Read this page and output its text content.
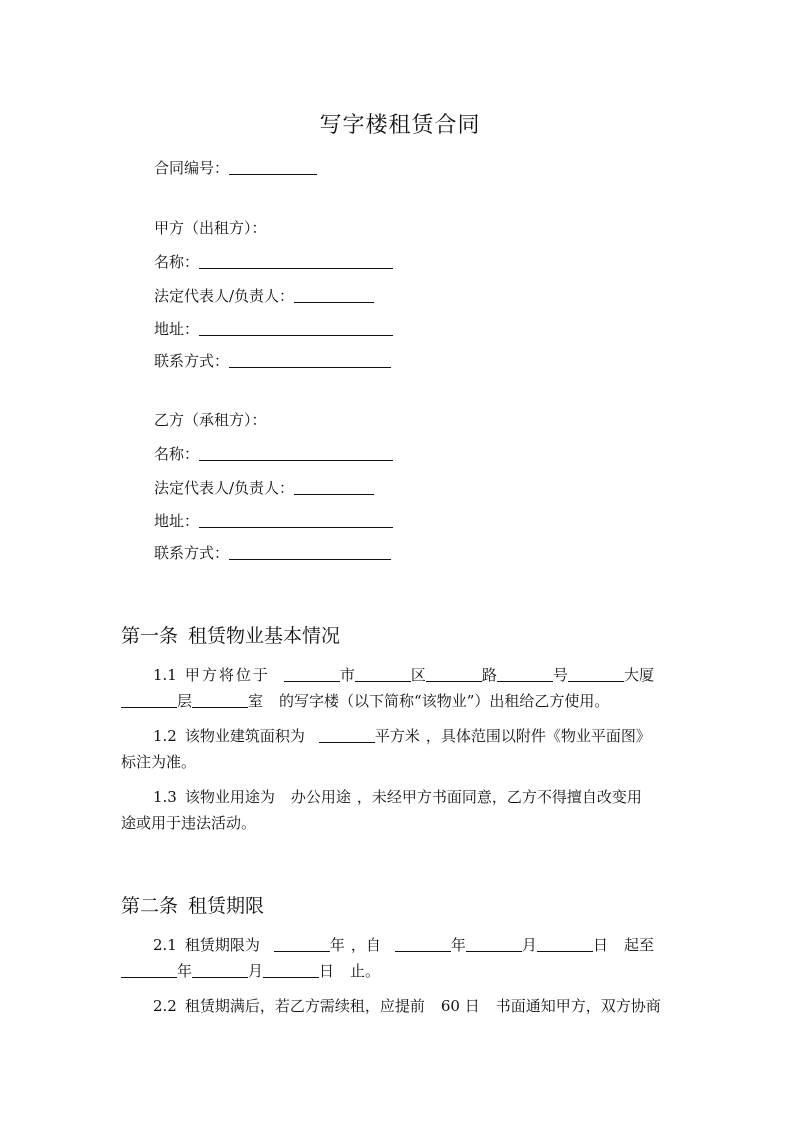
写字楼租赁合同
合同编号：
甲方（出租方）：
名称：
法定代表人/负责人：
地址：
联系方式：
乙方（承租方）：
名称：
法定代表人/负责人：
地址：
联系方式：
第一条 租赁物业基本情况
1.1 甲方将位于	市	区	路	号	大厦
层	室 的写字楼（以下简称“该物业”）出租给乙方使用。
1.2 该物业建筑面积为	平方米 ，具体范围以附件《物业平面图》
标注为准。
1.3 该物业用途为 办公用途 ，未经甲方书面同意，乙方不得擅自改变用
途或用于违法活动。
第二条 租赁期限
2.1 租赁期限为	年 ，自	年	月	日 起至
年	月	日 止。
2.2 租赁期满后，若乙方需续租，应提前 60 日 书面通知甲方，双方协商
